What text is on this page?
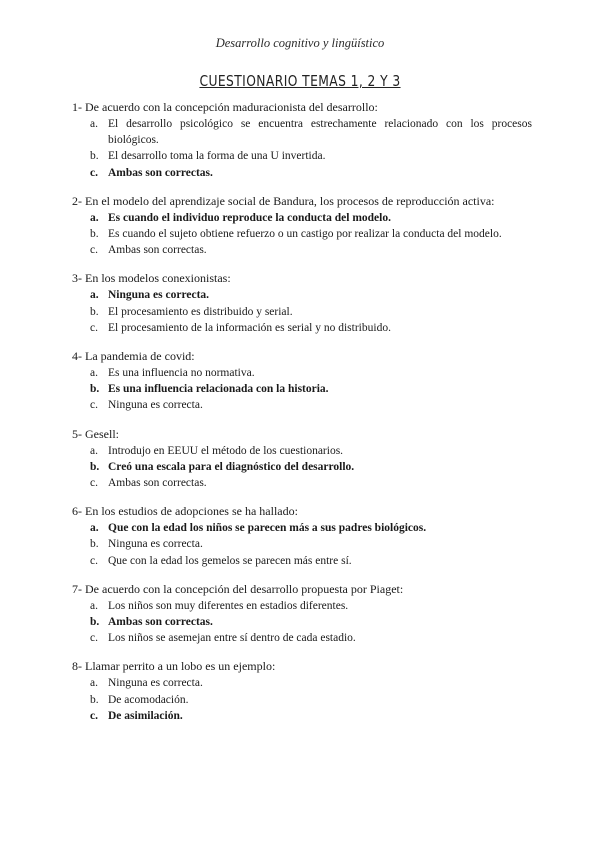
Desarrollo cognitivo y lingüístico
CUESTIONARIO TEMAS 1, 2 Y 3
1- De acuerdo con la concepción maduracionista del desarrollo:
a. El desarrollo psicológico se encuentra estrechamente relacionado con los procesos biológicos.
b. El desarrollo toma la forma de una U invertida.
c. Ambas son correctas.
2- En el modelo del aprendizaje social de Bandura, los procesos de reproducción activa:
a. Es cuando el individuo reproduce la conducta del modelo.
b. Es cuando el sujeto obtiene refuerzo o un castigo por realizar la conducta del modelo.
c. Ambas son correctas.
3- En los modelos conexionistas:
a. Ninguna es correcta.
b. El procesamiento es distribuido y serial.
c. El procesamiento de la información es serial y no distribuido.
4- La pandemia de covid:
a. Es una influencia no normativa.
b. Es una influencia relacionada con la historia.
c. Ninguna es correcta.
5- Gesell:
a. Introdujo en EEUU el método de los cuestionarios.
b. Creó una escala para el diagnóstico del desarrollo.
c. Ambas son correctas.
6- En los estudios de adopciones se ha hallado:
a. Que con la edad los niños se parecen más a sus padres biológicos.
b. Ninguna es correcta.
c. Que con la edad los gemelos se parecen más entre sí.
7- De acuerdo con la concepción del desarrollo propuesta por Piaget:
a. Los niños son muy diferentes en estadios diferentes.
b. Ambas son correctas.
c. Los niños se asemejan entre sí dentro de cada estadio.
8- Llamar perrito a un lobo es un ejemplo:
a. Ninguna es correcta.
b. De acomodación.
c. De asimilación.
